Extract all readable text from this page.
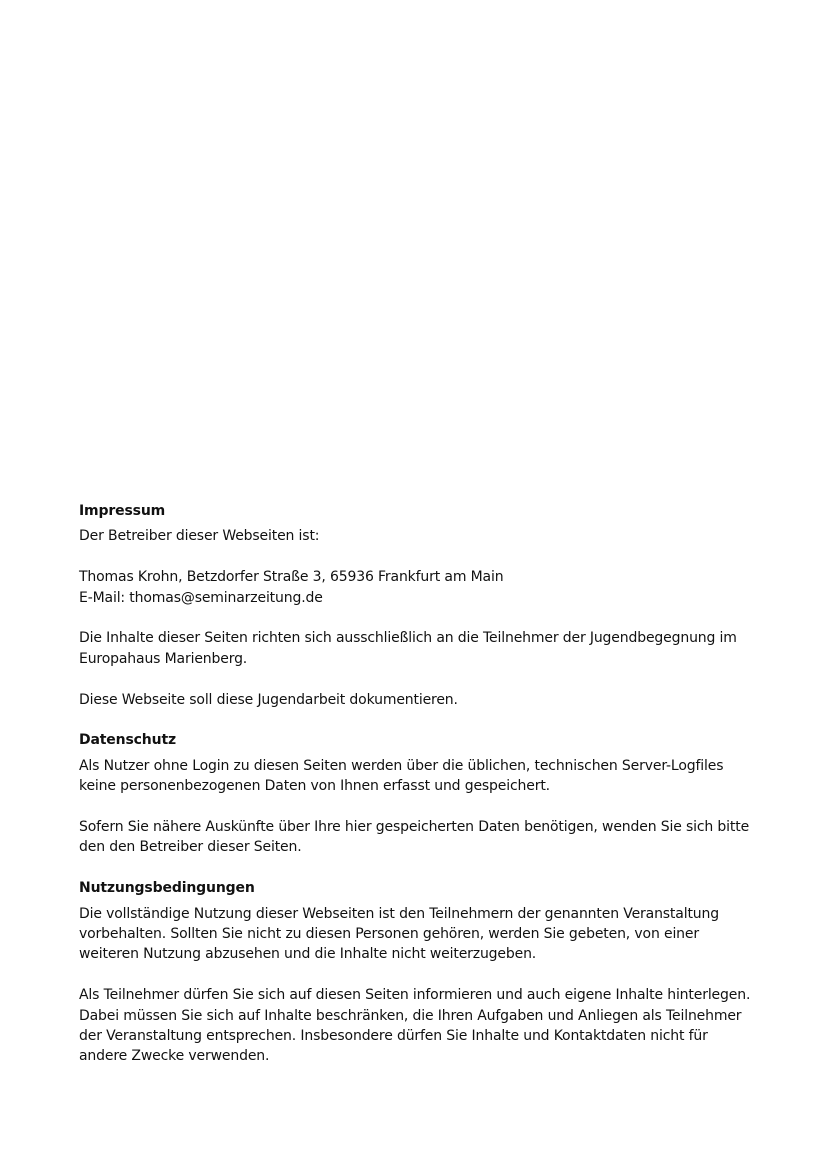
Impressum
Der Betreiber dieser Webseiten ist:
Thomas Krohn, Betzdorfer Straße 3, 65936 Frankfurt am Main
E-Mail: thomas@seminarzeitung.de
Die Inhalte dieser Seiten richten sich ausschließlich an die Teilnehmer der Jugendbegegnung im Europahaus Marienberg.
Diese Webseite soll diese Jugendarbeit dokumentieren.
Datenschutz
Als Nutzer ohne Login zu diesen Seiten werden über die üblichen, technischen Server-Logfiles keine personenbezogenen Daten von Ihnen erfasst und gespeichert.
Sofern Sie nähere Auskünfte über Ihre hier gespeicherten Daten benötigen, wenden Sie sich bitte den den Betreiber dieser Seiten.
Nutzungsbedingungen
Die vollständige Nutzung dieser Webseiten ist den Teilnehmern der genannten Veranstaltung vorbehalten. Sollten Sie nicht zu diesen Personen gehören, werden Sie gebeten, von einer weiteren Nutzung abzusehen und die Inhalte nicht weiterzugeben.
Als Teilnehmer dürfen Sie sich auf diesen Seiten informieren und auch eigene Inhalte hinterlegen. Dabei müssen Sie sich auf Inhalte beschränken, die Ihren Aufgaben und Anliegen als Teilnehmer der Veranstaltung entsprechen. Insbesondere dürfen Sie Inhalte und Kontaktdaten nicht für andere Zwecke verwenden.
